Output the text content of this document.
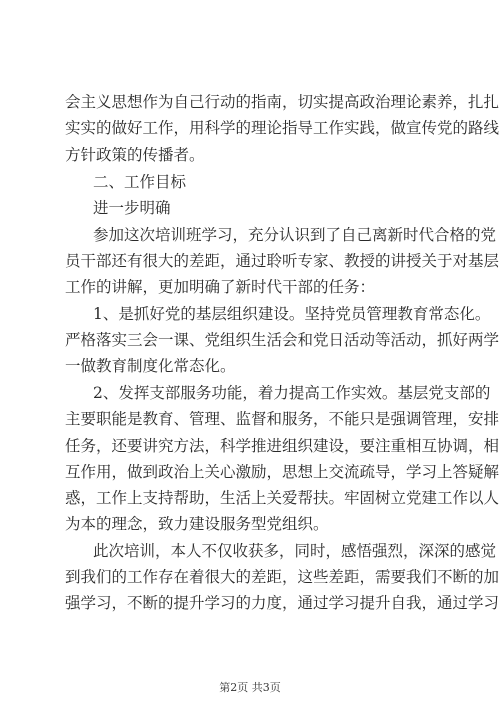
会主义思想作为自己行动的指南，切实提高政治理论素养，扎扎
实实的做好工作，用科学的理论指导工作实践，做宣传党的路线
方针政策的传播者。
二、工作目标
进一步明确
参加这次培训班学习，充分认识到了自己离新时代合格的党
员干部还有很大的差距，通过聆听专家、教授的讲授关于对基层
工作的讲解，更加明确了新时代干部的任务：
1、是抓好党的基层组织建设。坚持党员管理教育常态化。
严格落实三会一课、党组织生活会和党日活动等活动，抓好两学
一做教育制度化常态化。
2、发挥支部服务功能，着力提高工作实效。基层党支部的
主要职能是教育、管理、监督和服务，不能只是强调管理，安排
任务，还要讲究方法，科学推进组织建设，要注重相互协调，相
互作用，做到政治上关心激励，思想上交流疏导，学习上答疑解
惑，工作上支持帮助，生活上关爱帮扶。牢固树立党建工作以人
为本的理念，致力建设服务型党组织。
此次培训，本人不仅收获多，同时，感悟强烈，深深的感觉
到我们的工作存在着很大的差距，这些差距，需要我们不断的加
强学习，不断的提升学习的力度，通过学习提升自我，通过学习
第2页 共3页
